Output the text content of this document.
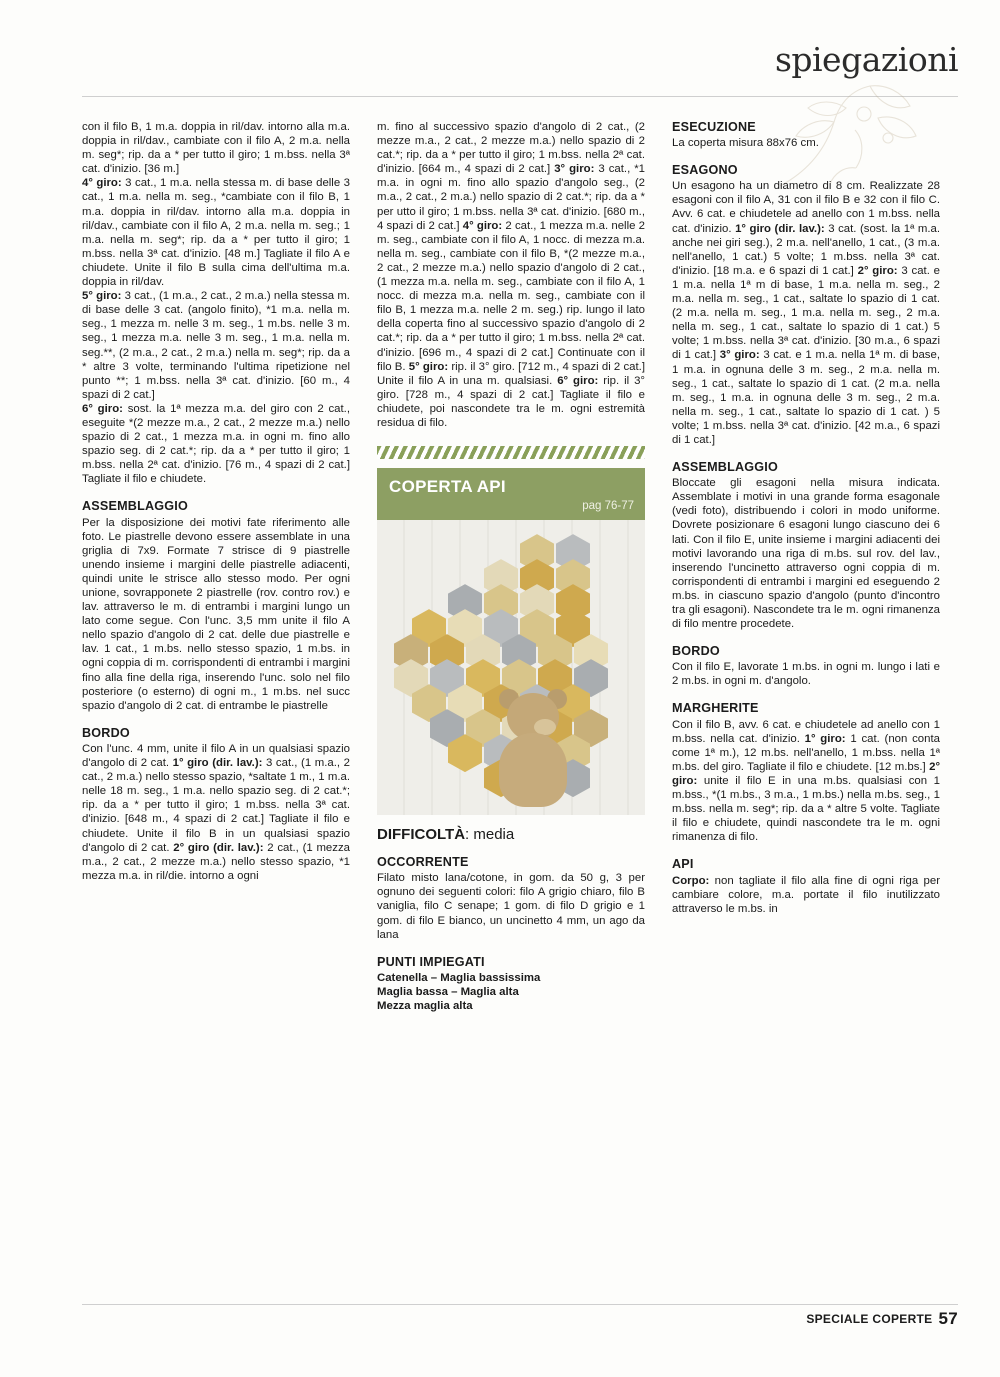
spiegazioni

con il filo B, 1 m.a. doppia in ril/dav. intorno alla m.a. doppia in ril/dav., cambiate con il filo A, 2 m.a. nella m. seg*; rip. da a * per tutto il giro; 1 m.bss. nella 3ª cat. d'inizio. [36 m.]

4° giro: 3 cat., 1 m.a. nella stessa m. di base delle 3 cat., 1 m.a. nella m. seg., *cambiate con il filo B, 1 m.a. doppia in ril/dav. intorno alla m.a. doppia in ril/dav., cambiate con il filo A, 2 m.a. nella m. seg.; 1 m.a. nella m. seg*; rip. da a * per tutto il giro; 1 m.bss. nella 3ª cat. d'inizio. [48 m.] Tagliate il filo A e chiudete. Unite il filo B sulla cima dell'ultima m.a. doppia in ril/dav.

5° giro: 3 cat., (1 m.a., 2 cat., 2 m.a.) nella stessa m. di base delle 3 cat. (angolo finito), *1 m.a. nella m. seg., 1 mezza m. nelle 3 m. seg., 1 m.bs. nelle 3 m. seg., 1 mezza m.a. nelle 3 m. seg., 1 m.a. nella m. seg.**, (2 m.a., 2 cat., 2 m.a.) nella m. seg*; rip. da a * altre 3 volte, terminando l'ultima ripetizione nel punto **; 1 m.bss. nella 3ª cat. d'inizio. [60 m., 4 spazi di 2 cat.]

6° giro: sost. la 1ª mezza m.a. del giro con 2 cat., eseguite *(2 mezze m.a., 2 cat., 2 mezze m.a.) nello spazio di 2 cat., 1 mezza m.a. in ogni m. fino allo spazio seg. di 2 cat.*; rip. da a * per tutto il giro; 1 m.bss. nella 2ª cat. d'inizio. [76 m., 4 spazi di 2 cat.] Tagliate il filo e chiudete.

ASSEMBLAGGIO

Per la disposizione dei motivi fate riferimento alle foto. Le piastrelle devono essere assemblate in una griglia di 7x9. Formate 7 strisce di 9 piastrelle unendo insieme i margini delle piastrelle adiacenti, quindi unite le strisce allo stesso modo. Per ogni unione, sovrapponete 2 piastrelle (rov. contro rov.) e lav. attraverso le m. di entrambi i margini lungo un lato come segue. Con l'unc. 3,5 mm unite il filo A nello spazio d'angolo di 2 cat. delle due piastrelle e lav. 1 cat., 1 m.bs. nello stesso spazio, 1 m.bs. in ogni coppia di m. corrispondenti di entrambi i margini fino alla fine della riga, inserendo l'unc. solo nel filo posteriore (o esterno) di ogni m., 1 m.bs. nel succ spazio d'angolo di 2 cat. di entrambe le piastrelle

BORDO

Con l'unc. 4 mm, unite il filo A in un qualsiasi spazio d'angolo di 2 cat. 1° giro (dir. lav.): 3 cat., (1 m.a., 2 cat., 2 m.a.) nello stesso spazio, *saltate 1 m., 1 m.a. nelle 18 m. seg., 1 m.a. nello spazio seg. di 2 cat.*; rip. da a * per tutto il giro; 1 m.bss. nella 3ª cat. d'inizio. [648 m., 4 spazi di 2 cat.] Tagliate il filo e chiudete. Unite il filo B in un qualsiasi spazio d'angolo di 2 cat. 2° giro (dir. lav.): 2 cat., (1 mezza m.a., 2 cat., 2 mezze m.a.) nello stesso spazio, *1 mezza m.a. in ril/die. intorno a ogni

m. fino al successivo spazio d'angolo di 2 cat., (2 mezze m.a., 2 cat., 2 mezze m.a.) nello spazio di 2 cat.*; rip. da a * per tutto il giro; 1 m.bss. nella 2ª cat. d'inizio. [664 m., 4 spazi di 2 cat.] 3° giro: 3 cat., *1 m.a. in ogni m. fino allo spazio d'angolo seg., (2 m.a., 2 cat., 2 m.a.) nello spazio di 2 cat.*; rip. da a * per utto il giro; 1 m.bss. nella 3ª cat. d'inizio. [680 m., 4 spazi di 2 cat.] 4° giro: 2 cat., 1 mezza m.a. nelle 2 m. seg., cambiate con il filo A, 1 nocc. di mezza m.a. nella m. seg., cambiate con il filo B, *(2 mezze m.a., 2 cat., 2 mezze m.a.) nello spazio d'angolo di 2 cat., (1 mezza m.a. nella m. seg., cambiate con il filo A, 1 nocc. di mezza m.a. nella m. seg., cambiate con il filo B, 1 mezza m.a. nelle 2 m. seg.) rip. lungo il lato della coperta fino al successivo spazio d'angolo di 2 cat.*; rip. da a * per tutto il giro; 1 m.bss. nella 2ª cat. d'inizio. [696 m., 4 spazi di 2 cat.] Continuate con il filo B. 5° giro: rip. il 3° giro. [712 m., 4 spazi di 2 cat.] Unite il filo A in una m. qualsiasi. 6° giro: rip. il 3° giro. [728 m., 4 spazi di 2 cat.] Tagliate il filo e chiudete, poi nascondete tra le m. ogni estremità residua di filo.

COPERTA API
pag 76-77
DIFFICOLTÀ: media
OCCORRENTE

Filato misto lana/cotone, in gom. da 50 g, 3 per ognuno dei seguenti colori: filo A grigio chiaro, filo B vaniglia, filo C senape; 1 gom. di filo D grigio e 1 gom. di filo E bianco, un uncinetto 4 mm, un ago da lana

PUNTI IMPIEGATI

Catenella – Maglia bassissima

Maglia bassa – Maglia alta

Mezza maglia alta

ESECUZIONE

La coperta misura 88x76 cm.

ESAGONO

Un esagono ha un diametro di 8 cm. Realizzate 28 esagoni con il filo A, 31 con il filo B e 32 con il filo C. Avv. 6 cat. e chiudetele ad anello con 1 m.bss. nella cat. d'inizio. 1° giro (dir. lav.): 3 cat. (sost. la 1ª m.a. anche nei giri seg.), 2 m.a. nell'anello, 1 cat., (3 m.a. nell'anello, 1 cat.) 5 volte; 1 m.bss. nella 3ª cat. d'inizio. [18 m.a. e 6 spazi di 1 cat.] 2° giro: 3 cat. e 1 m.a. nella 1ª m di base, 1 m.a. nella m. seg., 2 m.a. nella m. seg., 1 cat., saltate lo spazio di 1 cat. (2 m.a. nella m. seg., 1 m.a. nella m. seg., 2 m.a. nella m. seg., 1 cat., saltate lo spazio di 1 cat.) 5 volte; 1 m.bss. nella 3ª cat. d'inizio. [30 m.a., 6 spazi di 1 cat.] 3° giro: 3 cat. e 1 m.a. nella 1ª m. di base, 1 m.a. in ognuna delle 3 m. seg., 2 m.a. nella m. seg., 1 cat., saltate lo spazio di 1 cat. (2 m.a. nella m. seg., 1 m.a. in ognuna delle 3 m. seg., 2 m.a. nella m. seg., 1 cat., saltate lo spazio di 1 cat. ) 5 volte; 1 m.bss. nella 3ª cat. d'inizio. [42 m.a., 6 spazi di 1 cat.]

ASSEMBLAGGIO

Bloccate gli esagoni nella misura indicata. Assemblate i motivi in una grande forma esagonale (vedi foto), distribuendo i colori in modo uniforme. Dovrete posizionare 6 esagoni lungo ciascuno dei 6 lati. Con il filo E, unite insieme i margini adiacenti dei motivi lavorando una riga di m.bs. sul rov. del lav., inserendo l'uncinetto attraverso ogni coppia di m. corrispondenti di entrambi i margini ed eseguendo 2 m.bs. in ciascuno spazio d'angolo (punto d'incontro tra gli esagoni). Nascondete tra le m. ogni rimanenza di filo mentre procedete.

BORDO

Con il filo E, lavorate 1 m.bs. in ogni m. lungo i lati e 2 m.bs. in ogni m. d'angolo.

MARGHERITE

Con il filo B, avv. 6 cat. e chiudetele ad anello con 1 m.bss. nella cat. d'inizio. 1° giro: 1 cat. (non conta come 1ª m.), 12 m.bs. nell'anello, 1 m.bss. nella 1ª m.bs. del giro. Tagliate il filo e chiudete. [12 m.bs.] 2° giro: unite il filo E in una m.bs. qualsiasi con 1 m.bss., *(1 m.bs., 3 m.a., 1 m.bs.) nella m.bs. seg., 1 m.bss. nella m. seg*; rip. da a * altre 5 volte. Tagliate il filo e chiudete, quindi nascondete tra le m. ogni rimanenza di filo.

API

Corpo: non tagliate il filo alla fine di ogni riga per cambiare colore, m.a. portate il filo inutilizzato attraverso le m.bs. in

SPECIALE COPERTE 57
